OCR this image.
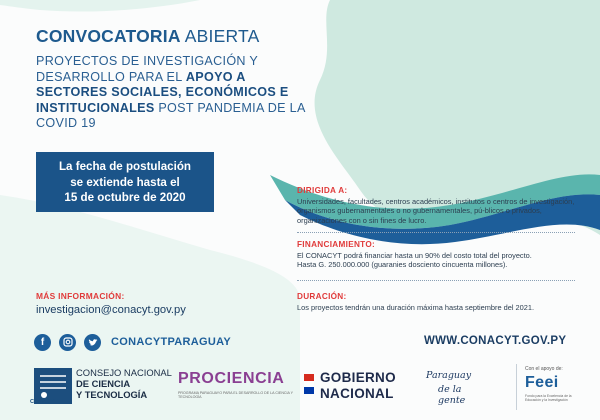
CONVOCATORIA ABIERTA
PROYECTOS DE INVESTIGACIÓN Y DESARROLLO PARA EL APOYO A SECTORES SOCIALES, ECONÓMICOS E INSTITUCIONALES POST PANDEMIA DE LA COVID 19
La fecha de postulación
se extiende hasta el
15 de octubre de 2020
DIRIGIDA A:
Universidades, facultades, centros académicos, institutos o centros de investigación, organismos gubernamentales o no gubernamentales, pú-blicos o privados, organizaciones con o sin fines de lucro.
FINANCIAMIENTO:
El CONACYT podrá financiar hasta un 90% del costo total del proyecto.
Hasta G. 250.000.000 (guaranies dosciento cincuenta millones).
DURACIÓN:
Los proyectos tendrán una duración máxima hasta septiembre del 2021.
MÁS INFORMACIÓN:
investigacion@conacyt.gov.py
f	CONACYTPARAGUAY	WWW.CONACYT.GOV.PY
CONACYT
CONSEJO NACIONAL
DE CIENCIA
Y TECNOLOGÍA
PROCIENCIA
PROGRAMA PARAGUAYO PARA EL DESARROLLO DE LA CIENCIA Y TECNOLOGÍA
GOBIERNO
NACIONAL
Paraguay
de la gente
Con el apoyo de:
Feei
Fondo para la Excelencia de la Educación y la Investigación
